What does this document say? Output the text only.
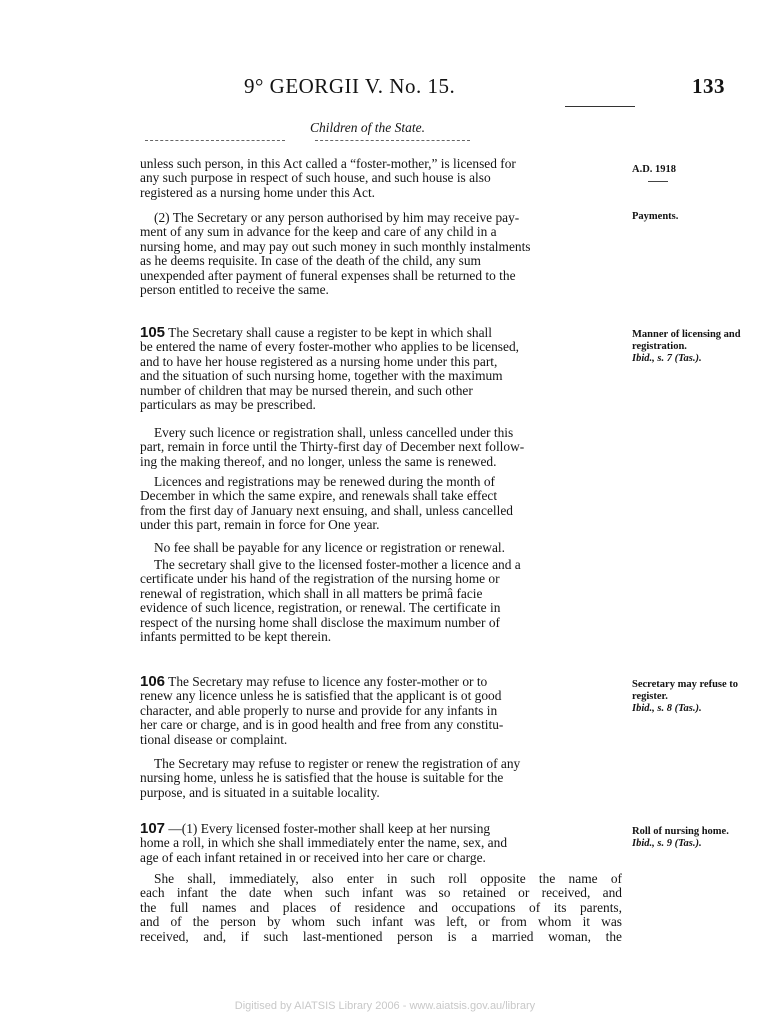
9° GEORGII V. No. 15.	133
Children of the State.
A.D. 1918
Payments.
Manner of licensing and registration.
Ibid., s. 7 (Tas.).
Secretary may refuse to register.
Ibid., s. 8 (Tas.).
Roll of nursing home.
Ibid., s. 9 (Tas.).
unless such person, in this Act called a “foster-mother,” is licensed for
any such purpose in respect of such house, and such house is also
registered as a nursing home under this Act.
(2) The Secretary or any person authorised by him may receive pay-
ment of any sum in advance for the keep and care of any child in a
nursing home, and may pay out such money in such monthly instalments
as he deems requisite. In case of the death of the child, any sum
unexpended after payment of funeral expenses shall be returned to the
person entitled to receive the same.
105 The Secretary shall cause a register to be kept in which shall
be entered the name of every foster-mother who applies to be licensed,
and to have her house registered as a nursing home under this part,
and the situation of such nursing home, together with the maximum
number of children that may be nursed therein, and such other
particulars as may be prescribed.
Every such licence or registration shall, unless cancelled under this
part, remain in force until the Thirty-first day of December next follow-
ing the making thereof, and no longer, unless the same is renewed.
Licences and registrations may be renewed during the month of
December in which the same expire, and renewals shall take effect
from the first day of January next ensuing, and shall, unless cancelled
under this part, remain in force for One year.
No fee shall be payable for any licence or registration or renewal.
The secretary shall give to the licensed foster-mother a licence and a
certificate under his hand of the registration of the nursing home or
renewal of registration, which shall in all matters be primâ facie
evidence of such licence, registration, or renewal. The certificate in
respect of the nursing home shall disclose the maximum number of
infants permitted to be kept therein.
106 The Secretary may refuse to licence any foster-mother or to
renew any licence unless he is satisfied that the applicant is ot good
character, and able properly to nurse and provide for any infants in
her care or charge, and is in good health and free from any constitu-
tional disease or complaint.
The Secretary may refuse to register or renew the registration of any
nursing home, unless he is satisfied that the house is suitable for the
purpose, and is situated in a suitable locality.
107 —(1) Every licensed foster-mother shall keep at her nursing
home a roll, in which she shall immediately enter the name, sex, and
age of each infant retained in or received into her care or charge.
She shall, immediately, also enter in such roll opposite the name of
each infant the date when such infant was so retained or received, and
the full names and places of residence and occupations of its parents,
and of the person by whom such infant was left, or from whom it was
received, and, if such last-mentioned person is a married woman, the
Digitised by AIATSIS Library 2006 - www.aiatsis.gov.au/library
